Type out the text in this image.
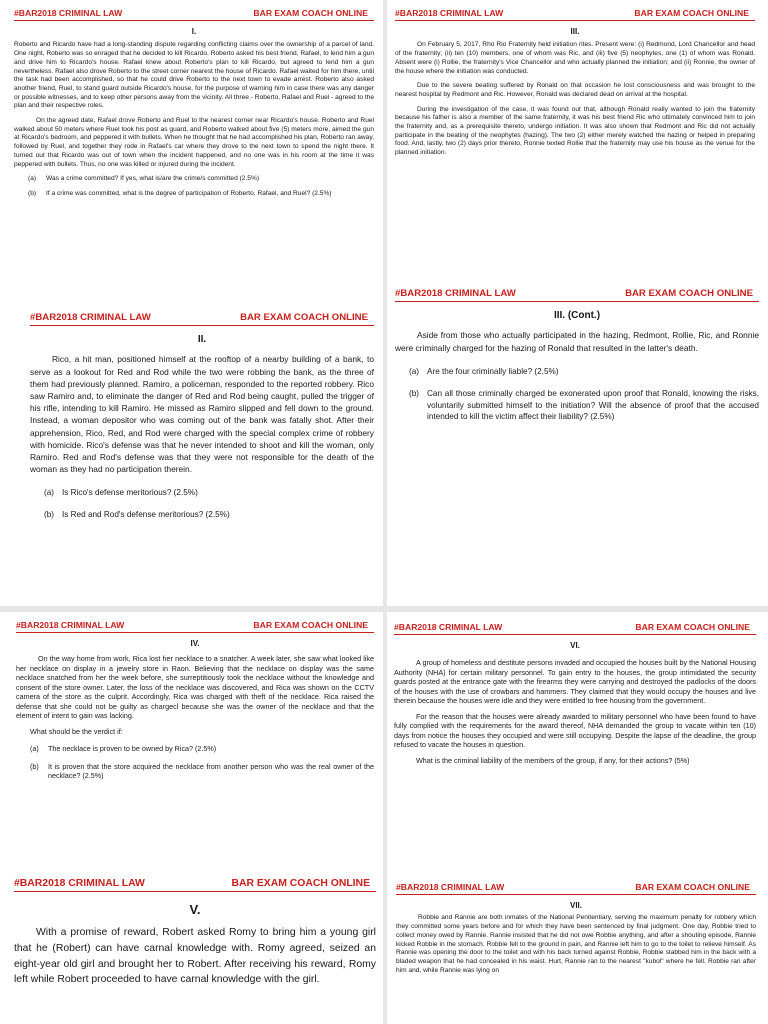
#BAR2018 CRIMINAL LAW	BAR EXAM COACH ONLINE
I.

Roberto and Ricardo have had a long-standing dispute regarding conflicting claims over the ownership of a parcel of land. One night, Roberto was so enraged that he decided to kill Ricardo. Roberto asked his best friend, Rafael, to lend him a gun and drive him to Ricardo's house. Rafael knew about Roberto's plan to kill Ricardo, but agreed to lend him a gun nevertheless. Rafael also drove Roberto to the street corner nearest the house of Ricardo. Rafael waited for him there, until the task had been accomplished, so that he could drive Roberto to the next town to evade arrest. Roberto also asked another friend, Ruel, to stand guard outside Ricardo's house, for the purpose of warning him in case there was any danger or possible witnesses, and to keep other persons away from the vicinity. All three - Roberto, Rafael and Ruel - agreed to the plan and their respective roles.

On the agreed date, Rafael drove Roberto and Ruel to the nearest corner near Ricardo's house. Roberto and Ruel walked about 50 meters where Ruel took his post as guard, and Roberto walked about five (5) meters more, aimed the gun at Ricardo's bedroom, and peppered it with bullets. When he thought that he had accomplished his plan, Roberto ran away, followed by Ruel, and together they rode in Rafael's car where they drove to the next town to spend the night there. It turned out that Ricardo was out of town when the incident happened, and no one was in his room at the time it was peppered with bullets. Thus, no one was killed or injured during the incident.

(a)	Was a crime committed? If yes, what is/are the crime/s committed (2.5%)
(b)	If a crime was committed, what is the degree of participation of Roberto, Rafael, and Ruel? (2.5%)
#BAR2018 CRIMINAL LAW	BAR EXAM COACH ONLINE
III.

On February 5, 2017, Rho Rio Fraternity held initiation rites. Present were: (i) Redmond, Lord Chancellor and head of the fraternity; (ii) ten (10) members, one of whom was Ric, and (iii) five (5) neophytes, one (1) of whom was Ronald. Absent were (i) Rollie, the fraternity's Vice Chancellor and who actually planned the initiation; and (ii) Ronnie, the owner of the house where the initiation was conducted.

Due to the severe beating suffered by Ronald on that occasion he lost consciousness and was brought to the nearest hospital by Redmont and Ric. However, Ronald was declared dead on arrival at the hospital.

During the investigation of the case, it was found out that, although Ronald really wanted to join the fraternity because his father is also a member of the same fraternity, it was his best friend Ric who ultimately convinced him to join the fraternity and, as a prerequisite thereto, undergo initiation. It was also shown that Redmont and Ric did not actually participate in the beating of the neophytes (hazing). The two (2) either merely watched the hazing or helped in preparing food. And, lastly, two (2) days prior thereto, Ronnie texted Rollie that the fraternity may use his house as the venue for the planned initiation.

#BAR2018 CRIMINAL LAW	BAR EXAM COACH ONLINE
II.

Rico, a hit man, positioned himself at the rooftop of a nearby building of a bank, to serve as a lookout for Red and Rod while the two were robbing the bank, as the three of them had previously planned. Ramiro, a policeman, responded to the reported robbery. Rico saw Ramiro and, to eliminate the danger of Red and Rod being caught, pulled the trigger of his rifle, intending to kill Ramiro. He missed as Ramiro slipped and fell down to the ground. Instead, a woman depositor who was coming out of the bank was fatally shot. After their apprehension, Rico, Red, and Rod were charged with the special complex crime of robbery with homicide. Rico's defense was that he never intended to shoot and kill the woman, only Ramiro. Red and Rod's defense was that they were not responsible for the death of the woman as they had no participation therein.

(a) Is Rico's defense meritorious? (2.5%)
(b) Is Red and Rod's defense meritorious? (2.5%)
#BAR2018 CRIMINAL LAW	BAR EXAM COACH ONLINE
III. (Cont.)

Aside from those who actually participated in the hazing, Redmont, Rollie, Ric, and Ronnie were criminally charged for the hazing of Ronald that resulted in the latter's death.

(a) Are the four criminally liable? (2.5%)
(b) Can all those criminally charged be exonerated upon proof that Ronald, knowing the risks, voluntarily submitted himself to the initiation? Will the absence of proof that the accused intended to kill the victim affect their liability? (2.5%)
#BAR2018 CRIMINAL LAW	BAR EXAM COACH ONLINE
IV.

On the way home from work, Rica lost her necklace to a snatcher. A week later, she saw what looked like her necklace on display in a jewelry store in Raon. Believing that the necklace on display was the same necklace snatched from her the week before, she surreptitiously took the necklace without the knowledge and consent of the store owner. Later, the loss of the necklace was discovered, and Rica was shown on the CCTV camera of the store as the culprit. Accordingly, Rica was charged with theft of the necklace. Rica raised the defense that she could not be guilty as chargecl because she was the owner of the necklace and that the element of intent to gain was lacking.

What should be the verdict if:

(a)	The necklace is proven to be owned by Rica? (2.5%)
(b)	It is proven that the store acquired the necklace from another person who was the real owner of the necklace? (2.5%)
#BAR2018 CRIMINAL LAW	BAR EXAM COACH ONLINE
VI.

A group of homeless and destitute persons invaded and occupied the houses built by the National Housing Authority (NHA) for certain military personnel. To gain entry to the houses, the group intimidated the security guards posted at the entrance gate with the firearms they were carrying and destroyed the padlocks of the doors of the houses with the use of crowbars and hammers. They claimed that they would occupy the houses and live therein because the houses were idle and they were entitled to free housing from the government.

For the reason that the houses were already awarded to military personnel who have been found to have fully complied with the requirements for the award thereof, NHA demanded the group to vacate within ten (10) days from notice the houses they occupied and were still occupying. Despite the lapse of the deadline, the group refused to vacate the houses in question.

What is the criminal liability of the members of the group, if any, for their actions? (5%)

#BAR2018 CRIMINAL LAW	BAR EXAM COACH ONLINE
V.

With a promise of reward, Robert asked Romy to bring him a young girl that he (Robert) can have carnal knowledge with. Romy agreed, seized an eight-year old girl and brought her to Robert. After receiving his reward, Romy left while Robert proceeded to have carnal knowledge with the girl.

#BAR2018 CRIMINAL LAW	BAR EXAM COACH ONLINE
VII.

Robbie and Rannie are both inmates of the National Penitentiary, serving the maximum penalty for robbery which they committed some years before and for which they have been sentenced by final judgment. One day, Robbie tried to collect money owed by Rannie. Rannie insisted that he did not owe Robbie anything, and after a shouting episode, Rannie kicked Robbie in the stomach. Robbie fell to the ground in pain, and Rannie left him to go to the toilet to relieve himself. As Rannie was opening the door to the toilet and with his back turned against Robbie, Robbie stabbed him in the back with a bladed weapon that he had concealed in his waist. Hurt, Rannie ran to the nearest "kubol" where he fell. Robbie ran after him and, while Rannie was lying on
